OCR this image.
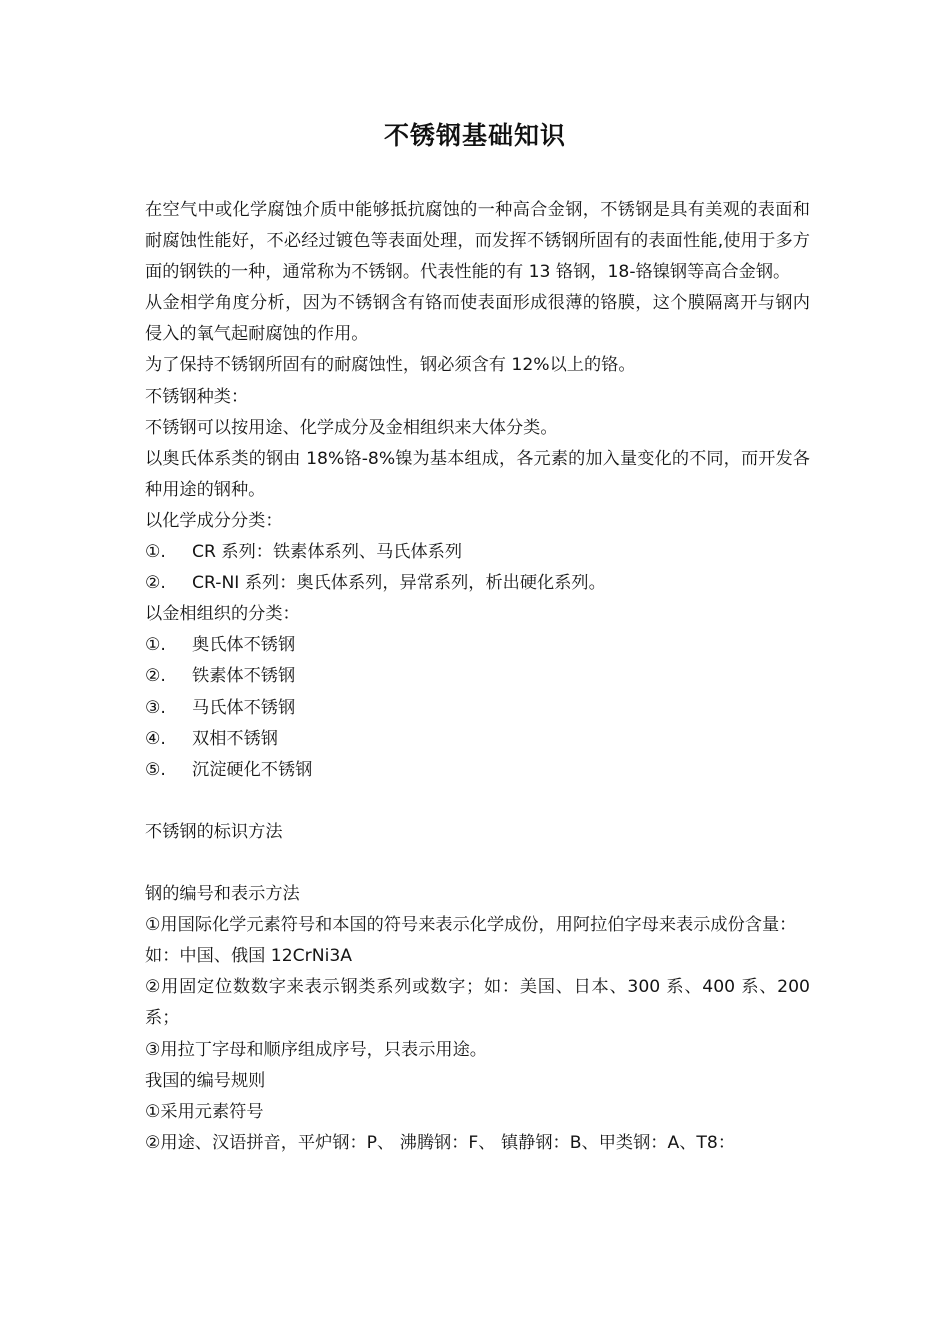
不锈钢基础知识

在空气中或化学腐蚀介质中能够抵抗腐蚀的一种高合金钢，不锈钢是具有美观的表面和耐腐蚀性能好，不必经过镀色等表面处理，而发挥不锈钢所固有的表面性能,使用于多方面的钢铁的一种，通常称为不锈钢。代表性能的有 13 铬钢，18-铬镍钢等高合金钢。

从金相学角度分析，因为不锈钢含有铬而使表面形成很薄的铬膜，这个膜隔离开与钢内侵入的氧气起耐腐蚀的作用。

为了保持不锈钢所固有的耐腐蚀性，钢必须含有 12%以上的铬。

不锈钢种类：

不锈钢可以按用途、化学成分及金相组织来大体分类。

以奥氏体系类的钢由 18%铬-8%镍为基本组成，各元素的加入量变化的不同，而开发各种用途的钢种。

以化学成分分类：

①.	CR 系列：铁素体系列、马氏体系列
②.	CR-NI 系列：奥氏体系列，异常系列，析出硬化系列。

以金相组织的分类：

①.	奥氏体不锈钢
②.	铁素体不锈钢
③.	马氏体不锈钢
④.	双相不锈钢
⑤.	沉淀硬化不锈钢

不锈钢的标识方法

钢的编号和表示方法

①用国际化学元素符号和本国的符号来表示化学成份，用阿拉伯字母来表示成份含量：

如：中国、俄国 12CrNi3A

②用固定位数数字来表示钢类系列或数字；如：美国、日本、300 系、400 系、200 系；

③用拉丁字母和顺序组成序号，只表示用途。

我国的编号规则

①采用元素符号

②用途、汉语拼音，平炉钢：P、 沸腾钢：F、 镇静钢：B、甲类钢：A、T8：
